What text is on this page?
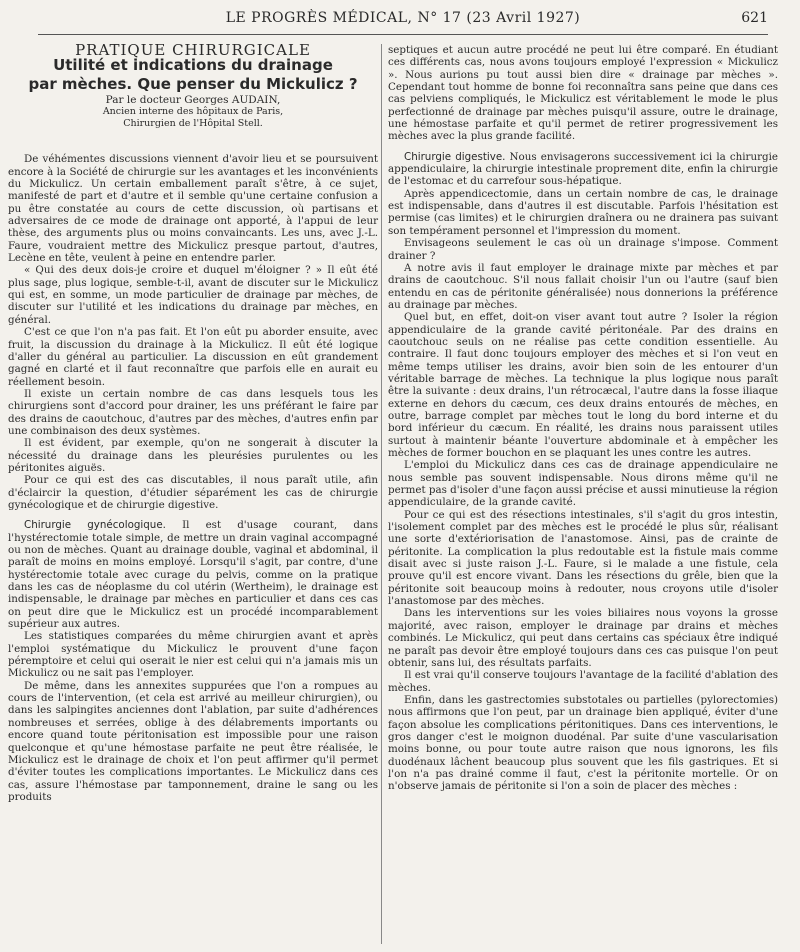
LE PROGRÈS MÉDICAL, N° 17 (23 Avril 1927)	621

PRATIQUE CHIRURGICALE

Utilité et indications du drainage
par mèches. Que penser du Mickulicz ?

Par le docteur Georges AUDAIN,

Ancien interne des hôpitaux de Paris,

Chirurgien de l'Hôpital Stell.

De véhémentes discussions viennent d'avoir lieu et se poursuivent encore à la Société de chirurgie sur les avantages et les inconvénients du Mickulicz. Un certain emballement paraît s'être, à ce sujet, manifesté de part et d'autre et il semble qu'une certaine confusion a pu être constatée au cours de cette discussion, où partisans et adversaires de ce mode de drainage ont apporté, à l'appui de leur thèse, des arguments plus ou moins convaincants. Les uns, avec J.-L. Faure, voudraient mettre des Mickulicz presque partout, d'autres, Lecène en tête, veulent à peine en entendre parler.

« Qui des deux dois-je croire et duquel m'éloigner ? » Il eût été plus sage, plus logique, semble-t-il, avant de discuter sur le Mickulicz qui est, en somme, un mode particulier de drainage par mèches, de discuter sur l'utilité et les indications du drainage par mèches, en général.

C'est ce que l'on n'a pas fait. Et l'on eût pu aborder ensuite, avec fruit, la discussion du drainage à la Mickulicz. Il eût été logique d'aller du général au particulier. La discussion en eût grandement gagné en clarté et il faut reconnaître que parfois elle en aurait eu réellement besoin.

Il existe un certain nombre de cas dans lesquels tous les chirurgiens sont d'accord pour drainer, les uns préférant le faire par des drains de caoutchouc, d'autres par des mèches, d'autres enfin par une combinaison des deux systèmes.

Il est évident, par exemple, qu'on ne songerait à discuter la nécessité du drainage dans les pleurésies purulentes ou les péritonites aiguës.

Pour ce qui est des cas discutables, il nous paraît utile, afin d'éclaircir la question, d'étudier séparément les cas de chirurgie gynécologique et de chirurgie digestive.

Chirurgie gynécologique. Il est d'usage courant, dans l'hystérectomie totale simple, de mettre un drain vaginal accompagné ou non de mèches. Quant au drainage double, vaginal et abdominal, il paraît de moins en moins employé. Lorsqu'il s'agit, par contre, d'une hystérectomie totale avec curage du pelvis, comme on la pratique dans les cas de néoplasme du col utérin (Wertheim), le drainage est indispensable, le drainage par mèches en particulier et dans ces cas on peut dire que le Mickulicz est un procédé incomparablement supérieur aux autres.

Les statistiques comparées du même chirurgien avant et après l'emploi systématique du Mickulicz le prouvent d'une façon péremptoire et celui qui oserait le nier est celui qui n'a jamais mis un Mickulicz ou ne sait pas l'employer.

De même, dans les annexites suppurées que l'on a rompues au cours de l'intervention, (et cela est arrivé au meilleur chirurgien), ou dans les salpingites anciennes dont l'ablation, par suite d'adhérences nombreuses et serrées, oblige à des délabrements importants ou encore quand toute péritonisation est impossible pour une raison quelconque et qu'une hémostase parfaite ne peut être réalisée, le Mickulicz est le drainage de choix et l'on peut affirmer qu'il permet d'éviter toutes les complications importantes. Le Mickulicz dans ces cas, assure l'hémostase par tamponnement, draine le sang ou les produits

septiques et aucun autre procédé ne peut lui être comparé. En étudiant ces différents cas, nous avons toujours employé l'expression « Mickulicz ». Nous aurions pu tout aussi bien dire « drainage par mèches ». Cependant tout homme de bonne foi reconnaîtra sans peine que dans ces cas pelviens compliqués, le Mickulicz est véritablement le mode le plus perfectionné de drainage par mèches puisqu'il assure, outre le drainage, une hémostase parfaite et qu'il permet de retirer progressivement les mèches avec la plus grande facilité.

Chirurgie digestive. Nous envisagerons successivement ici la chirurgie appendiculaire, la chirurgie intestinale proprement dite, enfin la chirurgie de l'estomac et du carrefour sous-hépatique.

Après appendicectomie, dans un certain nombre de cas, le drainage est indispensable, dans d'autres il est discutable. Parfois l'hésitation est permise (cas limites) et le chirurgien draînera ou ne drainera pas suivant son tempérament personnel et l'impression du moment.

Envisageons seulement le cas où un drainage s'impose. Comment drainer ?

A notre avis il faut employer le drainage mixte par mèches et par drains de caoutchouc. S'il nous fallait choisir l'un ou l'autre (sauf bien entendu en cas de péritonite généralisée) nous donnerions la préférence au drainage par mèches.

Quel but, en effet, doit-on viser avant tout autre ? Isoler la région appendiculaire de la grande cavité péritonéale. Par des drains en caoutchouc seuls on ne réalise pas cette condition essentielle. Au contraire. Il faut donc toujours employer des mèches et si l'on veut en même temps utiliser les drains, avoir bien soin de les entourer d'un véritable barrage de mèches. La technique la plus logique nous paraît être la suivante : deux drains, l'un rétrocæcal, l'autre dans la fosse iliaque externe en dehors du cæcum, ces deux drains entourés de mèches, en outre, barrage complet par mèches tout le long du bord interne et du bord inférieur du cæcum. En réalité, les drains nous paraissent utiles surtout à maintenir béante l'ouverture abdominale et à empêcher les mèches de former bouchon en se plaquant les unes contre les autres.

L'emploi du Mickulicz dans ces cas de drainage appendiculaire ne nous semble pas souvent indispensable. Nous dirons même qu'il ne permet pas d'isoler d'une façon aussi précise et aussi minutieuse la région appendiculaire, de la grande cavité.

Pour ce qui est des résections intestinales, s'il s'agit du gros intestin, l'isolement complet par des mèches est le procédé le plus sûr, réalisant une sorte d'extériorisation de l'anastomose. Ainsi, pas de crainte de péritonite. La complication la plus redoutable est la fistule mais comme disait avec si juste raison J.-L. Faure, si le malade a une fistule, cela prouve qu'il est encore vivant. Dans les résections du grêle, bien que la péritonite soit beaucoup moins à redouter, nous croyons utile d'isoler l'anastomose par des mèches.

Dans les interventions sur les voies biliaires nous voyons la grosse majorité, avec raison, employer le drainage par drains et mèches combinés. Le Mickulicz, qui peut dans certains cas spéciaux être indiqué ne paraît pas devoir être employé toujours dans ces cas puisque l'on peut obtenir, sans lui, des résultats parfaits.

Il est vrai qu'il conserve toujours l'avantage de la facilité d'ablation des mèches.

Enfin, dans les gastrectomies substotales ou partielles (pylorectomies) nous affirmons que l'on peut, par un drainage bien appliqué, éviter d'une façon absolue les complications péritonitiques. Dans ces interventions, le gros danger c'est le moignon duodénal. Par suite d'une vascularisation moins bonne, ou pour toute autre raison que nous ignorons, les fils duodénaux lâchent beaucoup plus souvent que les fils gastriques. Et si l'on n'a pas drainé comme il faut, c'est la péritonite mortelle. Or on n'observe jamais de péritonite si l'on a soin de placer des mèches :
